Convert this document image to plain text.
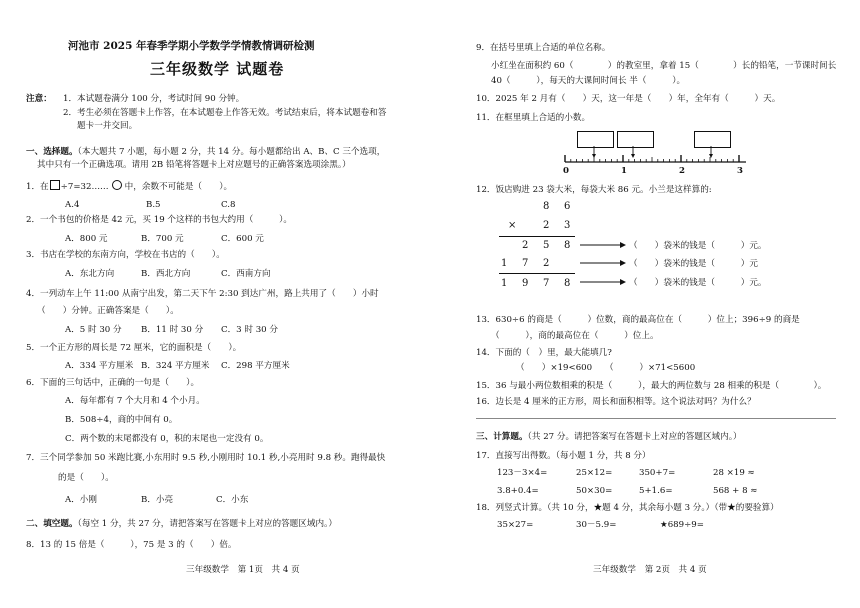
河池市 2025 年春季学期小学数学学情教情调研检测
三年级数学 试题卷
注意： 1．本试题卷满分 100 分，考试时间 90 分钟。
2．考生必须在答题卡上作答，在本试题卷上作答无效。考试结束后，将本试题卷和答
题卡一并交回。
一、选择题。（本大题共 7 小题，每小题 2 分，共 14 分。每小题都给出 A、B、C 三个选项，
其中只有一个正确选项。请用 2B 铅笔将答题卡上对应题号的正确答案选项涂黑。）
1．在 ÷7=32…… 中，余数不可能是（　　）。
A.4	B.5	C.8
2．一个书包的价格是 42 元，买 19 个这样的书包大约用（　　　）。
A．800 元	B．700 元	C．600 元
3．书店在学校的东南方向，学校在书店的（　　）。
A．东北方向	B．西北方向	C．西南方向
4．一列动车上午 11:00 从南宁出发，第二天下午 2:30 到达广州，路上共用了（　　）小时
（　　）分钟。正确答案是（　　）。
A．5 时 30 分 B．11 时 30 分 C．3 时 30 分
5．一个正方形的周长是 72 厘米，它的面积是（　　）。
A．334 平方厘米 B．324 平方厘米 C．298 平方厘米
6．下面的三句话中，正确的一句是（　　）。
A．每年都有 7 个大月和 4 个小月。
B．508÷4，商的中间有 0。
C．两个数的末尾都没有 0，积的末尾也一定没有 0。
7．三个同学参加 50 米跑比赛,小东用时 9.5 秒,小刚用时 10.1 秒,小亮用时 9.8 秒。跑得最快
的是（　　）。
A．小刚	B．小亮	C．小东
二、填空题。（每空 1 分，共 27 分，请把答案写在答题卡上对应的答题区域内。）
8．13 的 15 倍是（　　　），75 是 3 的（　　）倍。
三年级数学　第 1页　共 4 页
9．在括号里填上合适的单位名称。
小红坐在面积约 60（　　　　）的教室里，拿着 15（　　　　）长的铅笔，一节课时间长
40（　　　），每天的大课间时间长 半（　　　）。
10．2025 年 2 月有（　　）天，这一年是（　　）年，全年有（　　　）天。
11．在框里填上合适的小数。
0	1	2	3
12．饭店购进 23 袋大米，每袋大米 86 元。小兰是这样算的:
8 6
×	2 3
2 5 8
1 7 2
1 9 7 8
（　　）袋米的钱是（　　　）元。
（　　）袋米的钱是（　　　）元
（　　）袋米的钱是（　　　）元。
13．630÷6 的商是（　　　）位数，商的最高位在（　　　）位上；396÷9 的商是
（　　　），商的最高位在（　　　）位上。
14．下面的（　）里，最大能填几?
（　　）×19<600　　（　　　）×71<5600
15．36 与最小两位数相乘的积是（　　　），最大的两位数与 28 相乘的积是（　　　　）。
16．边长是 4 厘米的正方形，周长和面积相等。这个说法对吗？为什么？
三、计算题。（共 27 分。请把答案写在答题卡上对应的答题区域内。）
17．直接写出得数。（每小题 1 分，共 8 分）
123－3×4=	25×12=	350+7=	28 ×19 ≈
3.8+0.4=	50×30=	5+1.6=	568 + 8 ≈
18．列竖式计算。（共 10 分，★题 4 分，其余每小题 3 分。）（带★的要验算）
35×27=	30－5.9=	★689÷9=
三年级数学　第 2页　共 4 页
